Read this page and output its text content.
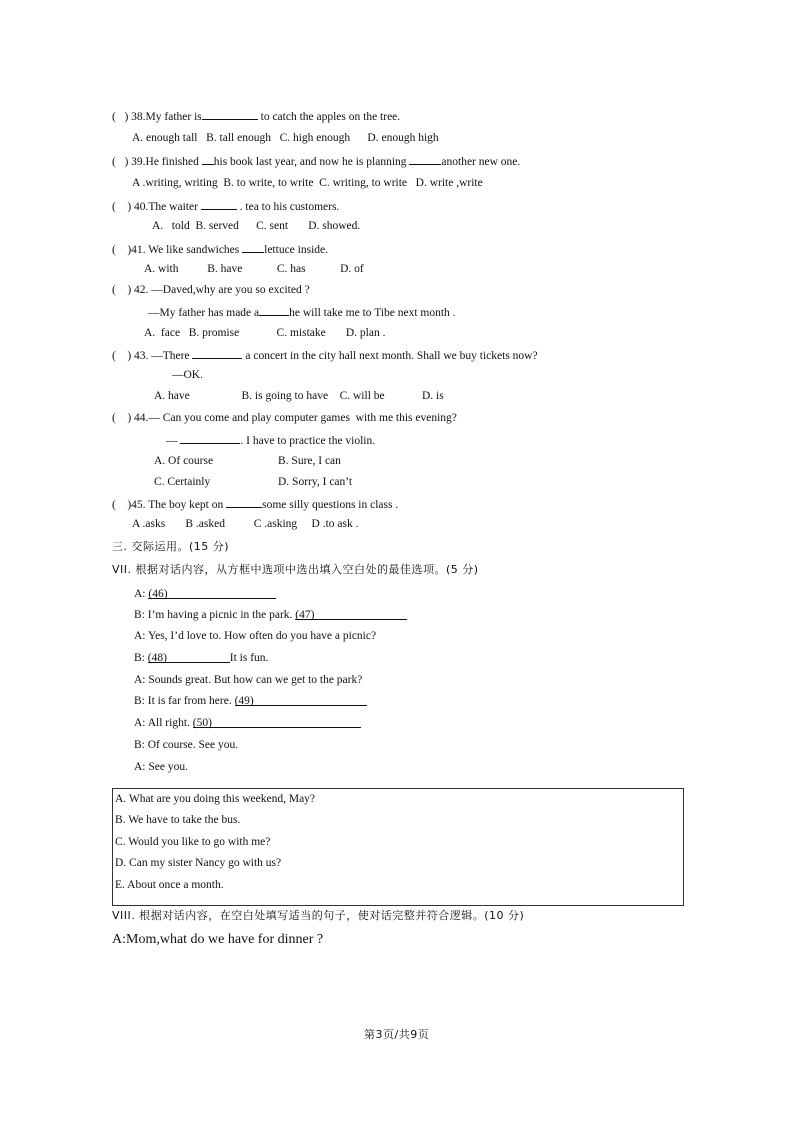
(   ) 38.My father is	to catch the apples on the tree.
A. enough tall   B. tall enough   C. high enough      D. enough high
(   ) 39.He finished his book last year, and now he is planning	another new one.
A .writing, writing  B. to write, to write  C. writing, to write   D. write ,write
(    ) 40.The waiter	. tea to his customers.
A.   told  B. served      C. sent       D. showed.
(    )41. We like sandwiches lettuce inside.
A. with          B. have            C. has            D. of
(    ) 42. —Daved,why are you so excited ?
—My father has made a	he will take me to Tibe next month .
A.  face   B. promise             C. mistake       D. plan .
(    ) 43. —There	a concert in the city hall next month. Shall we buy tickets now?
—OK.
A. have                  B. is going to have    C. will be             D. is
(    ) 44.— Can you come and play computer games  with me this evening?
—	. I have to practice the violin.
A. Of course	B. Sure, I can
C. Certainly	D. Sorry, I can’t
(    )45. The boy kept on	some silly questions in class .
A .asks       B .asked          C .asking     D .to ask .
三. 交际运用。(15 分)
VII. 根据对话内容，从方框中选项中选出填入空白处的最佳选项。(5 分)
A: (46)
B: I’m having a picnic in the park. (47)
A: Yes, I’d love to. How often do you have a picnic?
B: (48)	It is fun.
A: Sounds great. But how can we get to the park?
B: It is far from here. (49)
A: All right. (50)
B: Of course. See you.
A: See you.
A. What are you doing this weekend, May?
B. We have to take the bus.
C. Would you like to go with me?
D. Can my sister Nancy go with us?
E. About once a month.
VIII. 根据对话内容，在空白处填写适当的句子，使对话完整并符合逻辑。(10 分)
A:Mom,what do we have for dinner ?
第3页/共9页
